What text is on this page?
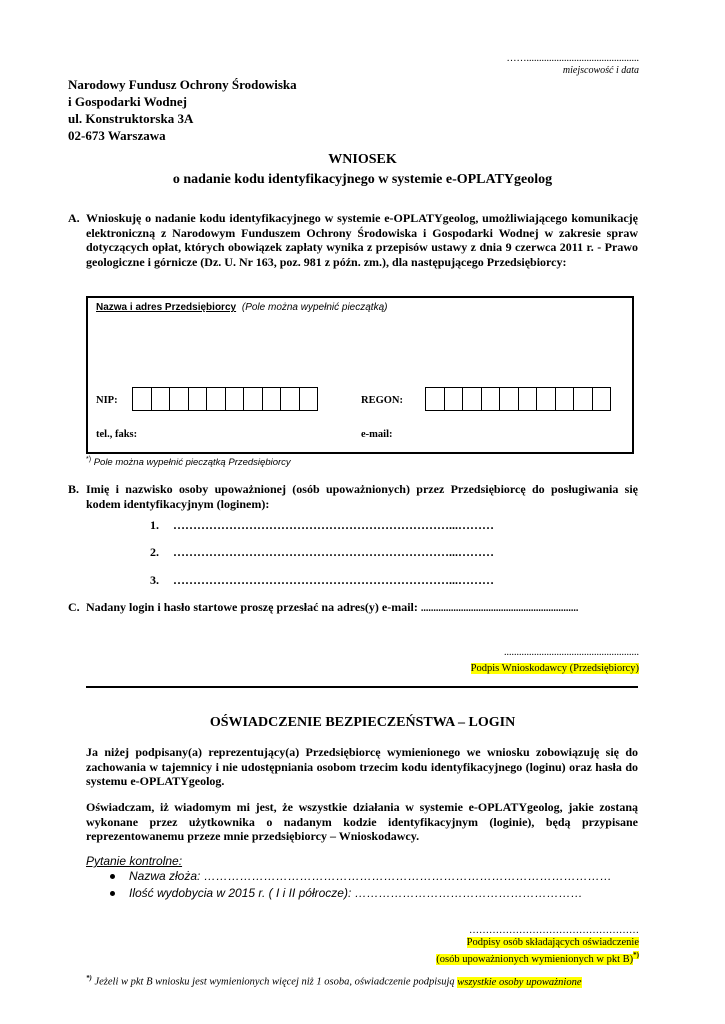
…….............................................
miejscowość i data
Narodowy Fundusz Ochrony Środowiska
i Gospodarki Wodnej
ul. Konstruktorska 3A
02-673 Warszawa
WNIOSEK
o nadanie kodu identyfikacyjnego w systemie e-OPLATYgeolog
A. Wnioskuję o nadanie kodu identyfikacyjnego w systemie e-OPLATYgeolog, umożliwiającego komunikację elektroniczną z Narodowym Funduszem Ochrony Środowiska i Gospodarki Wodnej w zakresie spraw dotyczących opłat, których obowiązek zapłaty wynika z przepisów ustawy z dnia 9 czerwca 2011 r. - Prawo geologiczne i górnicze (Dz. U. Nr 163, poz. 981 z późn. zm.), dla następującego Przedsiębiorcy:
Nazwa i adres Przedsiębiorcy (Pole można wypełnić pieczątką)
NIP:	REGON:
tel., faks:	e-mail:
*) Pole można wypełnić pieczątką Przedsiębiorcy
B. Imię i nazwisko osoby upoważnionej (osób upoważnionych) przez Przedsiębiorcę do posługiwania się kodem identyfikacyjnym (loginem):
1. ……………………………………………………………...………
2. ……………………………………………………………...………
3. ……………………………………………………………...………
C. Nadany login i hasło startowe proszę przesłać na adres(y) e-mail: ...............................................................
......................................................
Podpis Wnioskodawcy (Przedsiębiorcy)
OŚWIADCZENIE BEZPIECZEŃSTWA – LOGIN
Ja niżej podpisany(a) reprezentujący(a) Przedsiębiorcę wymienionego we wniosku zobowiązuję się do zachowania w tajemnicy i nie udostępniania osobom trzecim kodu identyfikacyjnego (loginu) oraz hasła do systemu e-OPLATYgeolog.
Oświadczam, iż wiadomym mi jest, że wszystkie działania w systemie e-OPLATYgeolog, jakie zostaną wykonane przez użytkownika o nadanym kodzie identyfikacyjnym (loginie), będą przypisane reprezentowanemu przeze mnie przedsiębiorcy – Wnioskodawcy.
Pytanie kontrolne:
Nazwa złoża: …………………………………………………………………………………………
Ilość wydobycia w 2015 r. ( I i II półrocze): …………………………………………………
……………………………………………
Podpisy osób składających oświadczenie
(osób upoważnionych wymienionych w pkt B)*)
*) Jeżeli w pkt B wniosku jest wymienionych więcej niż 1 osoba, oświadczenie podpisują wszystkie osoby upoważnione
